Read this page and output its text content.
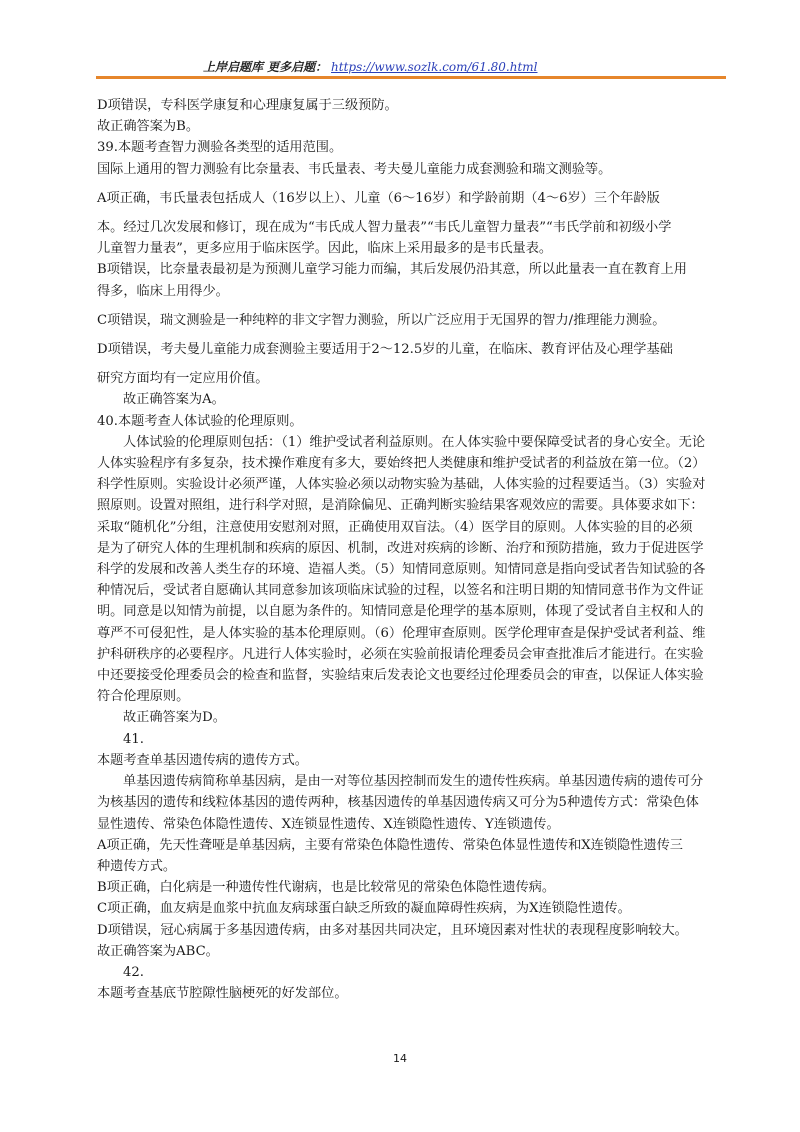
上岸启题库 更多启题： https://www.sozlk.com/61.80.html
D项错误，专科医学康复和心理康复属于三级预防。
故正确答案为B。
39.本题考查智力测验各类型的适用范围。
国际上通用的智力测验有比奈量表、韦氏量表、考夫曼儿童能力成套测验和瑞文测验等。
A项正确，韦氏量表包括成人（16岁以上）、儿童（6～16岁）和学龄前期（4～6岁）三个年龄版
本。经过几次发展和修订，现在成为“韦氏成人智力量表”“韦氏儿童智力量表”“韦氏学前和初级小学
儿童智力量表”，更多应用于临床医学。因此，临床上采用最多的是韦氏量表。
B项错误，比奈量表最初是为预测儿童学习能力而编，其后发展仍沿其意，所以此量表一直在教育上用
得多，临床上用得少。
C项错误，瑞文测验是一种纯粹的非文字智力测验，所以广泛应用于无国界的智力/推理能力测验。
D项错误，考夫曼儿童能力成套测验主要适用于2～12.5岁的儿童，在临床、教育评估及心理学基础
研究方面均有一定应用价值。
故正确答案为A。
40.本题考查人体试验的伦理原则。
人体试验的伦理原则包括：（1）维护受试者利益原则。在人体实验中要保障受试者的身心安全。无论
人体实验程序有多复杂，技术操作难度有多大，要始终把人类健康和维护受试者的利益放在第一位。（2）
科学性原则。实验设计必须严谨，人体实验必须以动物实验为基础，人体实验的过程要适当。（3）实验对
照原则。设置对照组，进行科学对照，是消除偏见、正确判断实验结果客观效应的需要。具体要求如下：
采取“随机化”分组，注意使用安慰剂对照，正确使用双盲法。（4）医学目的原则。人体实验的目的必须
是为了研究人体的生理机制和疾病的原因、机制，改进对疾病的诊断、治疗和预防措施，致力于促进医学
科学的发展和改善人类生存的环境、造福人类。（5）知情同意原则。知情同意是指向受试者告知试验的各
种情况后，受试者自愿确认其同意参加该项临床试验的过程，以签名和注明日期的知情同意书作为文件证
明。同意是以知情为前提，以自愿为条件的。知情同意是伦理学的基本原则，体现了受试者自主权和人的
尊严不可侵犯性，是人体实验的基本伦理原则。（6）伦理审查原则。医学伦理审查是保护受试者利益、维
护科研秩序的必要程序。凡进行人体实验时，必须在实验前报请伦理委员会审查批准后才能进行。在实验
中还要接受伦理委员会的检查和监督，实验结束后发表论文也要经过伦理委员会的审查，以保证人体实验
符合伦理原则。
故正确答案为D。
41.
本题考查单基因遗传病的遗传方式。
单基因遗传病简称单基因病，是由一对等位基因控制而发生的遗传性疾病。单基因遗传病的遗传可分
为核基因的遗传和线粒体基因的遗传两种，核基因遗传的单基因遗传病又可分为5种遗传方式：常染色体
显性遗传、常染色体隐性遗传、X连锁显性遗传、X连锁隐性遗传、Y连锁遗传。
A项正确，先天性聋哑是单基因病，主要有常染色体隐性遗传、常染色体显性遗传和X连锁隐性遗传三
种遗传方式。
B项正确，白化病是一种遗传性代谢病，也是比较常见的常染色体隐性遗传病。
C项正确，血友病是血浆中抗血友病球蛋白缺乏所致的凝血障碍性疾病，为X连锁隐性遗传。
D项错误，冠心病属于多基因遗传病，由多对基因共同决定，且环境因素对性状的表现程度影响较大。
故正确答案为ABC。
42.
本题考查基底节腔隙性脑梗死的好发部位。
14
